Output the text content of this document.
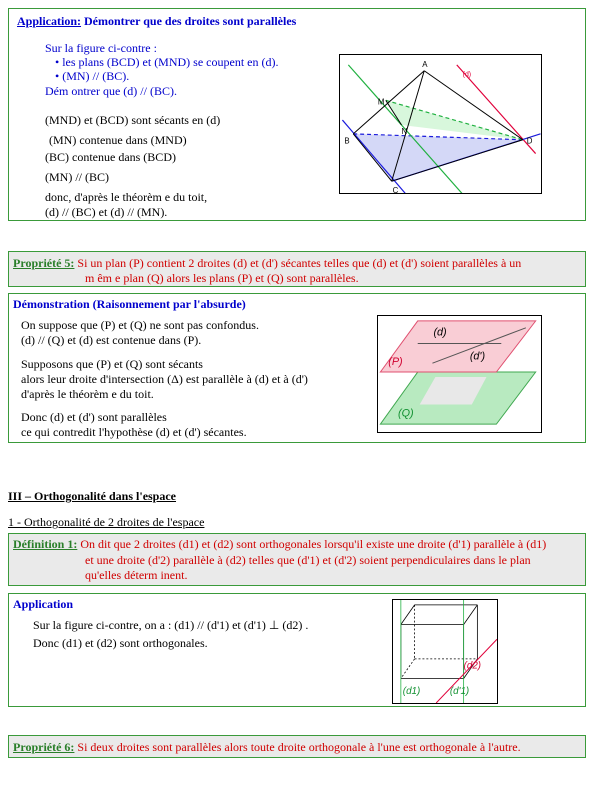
Application: Démontrer que des droites sont parallèles
Sur la figure ci-contre :
• les plans (BCD) et (MND) se coupent en (d).
• (MN) // (BC).
Dém ontrer que (d) // (BC).
(MND) et (BCD) sont sécants en (d)
(MN) contenue dans (MND)
(BC) contenue dans (BCD)
(MN) // (BC)
donc, d'après le théorèm e du toit,
(d) // (BC) et (d) // (MN).
A
M
N
B
C
D
(d)
Propriété 5: Si un plan (P) contient 2 droites (d) et (d') sécantes telles que (d) et (d') soient parallèles à un
m êm e plan (Q) alors les plans (P) et (Q) sont parallèles.
Démonstration (Raisonnement par l'absurde)
On suppose que (P) et (Q) ne sont pas confondus.
(d) // (Q) et (d) est contenue dans (P).
Supposons que (P) et (Q) sont sécants
alors leur droite d'intersection (Δ) est parallèle à (d) et à (d')
d'après le théorèm e du toit.
Donc (d) et (d') sont parallèles
ce qui contredit l'hypothèse (d) et (d') sécantes.
(d)
(d')
(P)
(Q)
III – Orthogonalité dans l'espace
1 - Orthogonalité de 2 droites de l'espace
Définition 1: On dit que 2 droites (d1) et (d2) sont orthogonales lorsqu'il existe une droite (d'1) parallèle à (d1)
et une droite (d'2) parallèle à (d2) telles que (d'1) et (d'2) soient perpendiculaires dans le plan
qu'elles déterm inent.
Application
Sur la figure ci-contre, on a : (d1) // (d'1) et (d'1) ⊥ (d2) .
Donc (d1) et (d2) sont orthogonales.
(d2)
(d1)	(d'1)
Propriété 6: Si deux droites sont parallèles alors toute droite orthogonale à l'une est orthogonale à l'autre.
